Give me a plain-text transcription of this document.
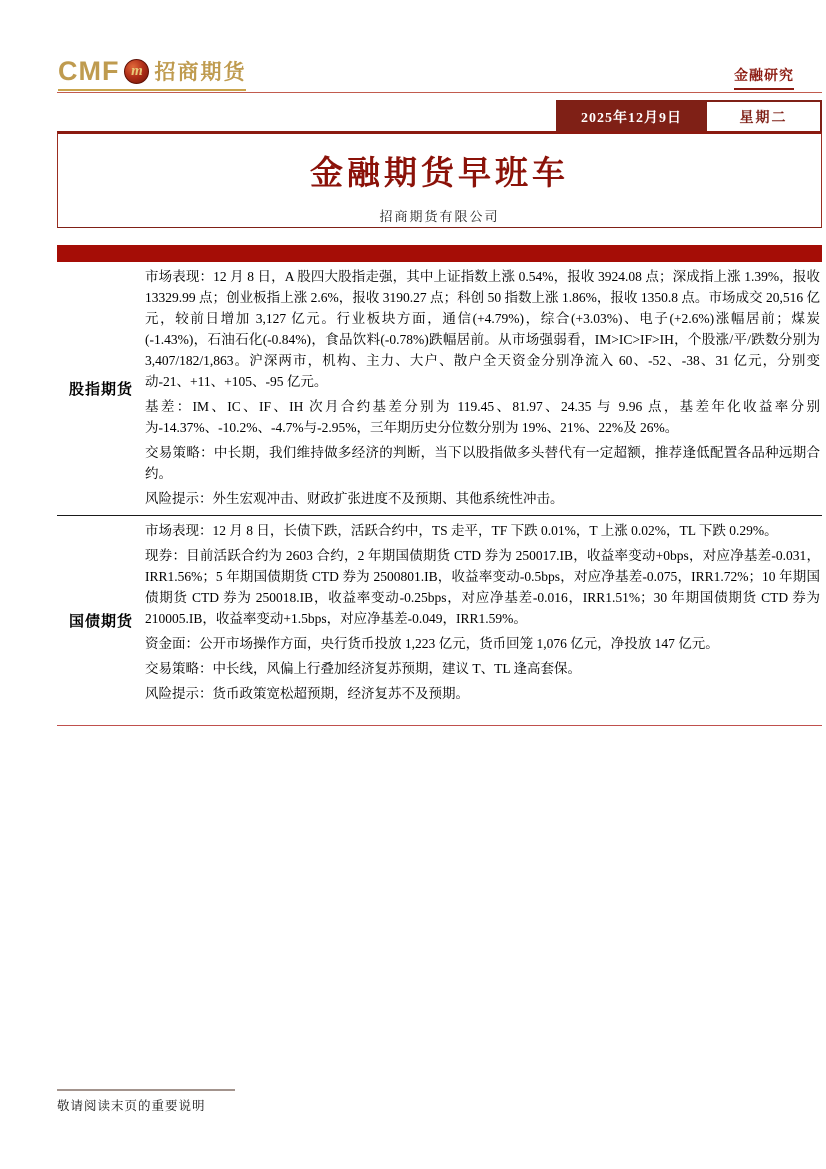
CMF m 招商期货	金融研究
2025年12月9日	星期二
金融期货早班车
招商期货有限公司
股指期货

市场表现：12 月 8 日，A 股四大股指走强，其中上证指数上涨 0.54%，报收 3924.08 点；深成指上涨 1.39%，报收 13329.99 点；创业板指上涨 2.6%，报收 3190.27 点；科创 50 指数上涨 1.86%，报收 1350.8 点。市场成交 20,516 亿元，较前日增加 3,127 亿元。行业板块方面，通信(+4.79%)，综合(+3.03%)、电子(+2.6%)涨幅居前；煤炭(-1.43%)，石油石化(-0.84%)，食品饮料(-0.78%)跌幅居前。从市场强弱看，IM>IC>IF>IH，个股涨/平/跌数分别为 3,407/182/1,863。沪深两市，机构、主力、大户、散户全天资金分别净流入 60、-52、-38、31 亿元，分别变动-21、+11、+105、-95 亿元。

基差：IM、IC、IF、IH 次月合约基差分别为 119.45、81.97、24.35 与 9.96 点，基差年化收益率分别为-14.37%、-10.2%、-4.7%与-2.95%，三年期历史分位数分别为 19%、21%、22%及 26%。

交易策略：中长期，我们维持做多经济的判断，当下以股指做多头替代有一定超额，推荐逢低配置各品种远期合约。

风险提示：外生宏观冲击、财政扩张进度不及预期、其他系统性冲击。

国债期货

市场表现：12 月 8 日，长债下跌，活跃合约中，TS 走平，TF 下跌 0.01%，T 上涨 0.02%，TL 下跌 0.29%。

现券：目前活跃合约为 2603 合约，2 年期国债期货 CTD 券为 250017.IB，收益率变动+0bps，对应净基差-0.031，IRR1.56%；5 年期国债期货 CTD 券为 2500801.IB，收益率变动-0.5bps，对应净基差-0.075，IRR1.72%；10 年期国债期货 CTD 券为 250018.IB，收益率变动-0.25bps，对应净基差-0.016，IRR1.51%；30 年期国债期货 CTD 券为 210005.IB，收益率变动+1.5bps，对应净基差-0.049，IRR1.59%。

资金面：公开市场操作方面，央行货币投放 1,223 亿元，货币回笼 1,076 亿元，净投放 147 亿元。

交易策略：中长线，风偏上行叠加经济复苏预期，建议 T、TL 逢高套保。

风险提示：货币政策宽松超预期，经济复苏不及预期。

敬请阅读末页的重要说明
